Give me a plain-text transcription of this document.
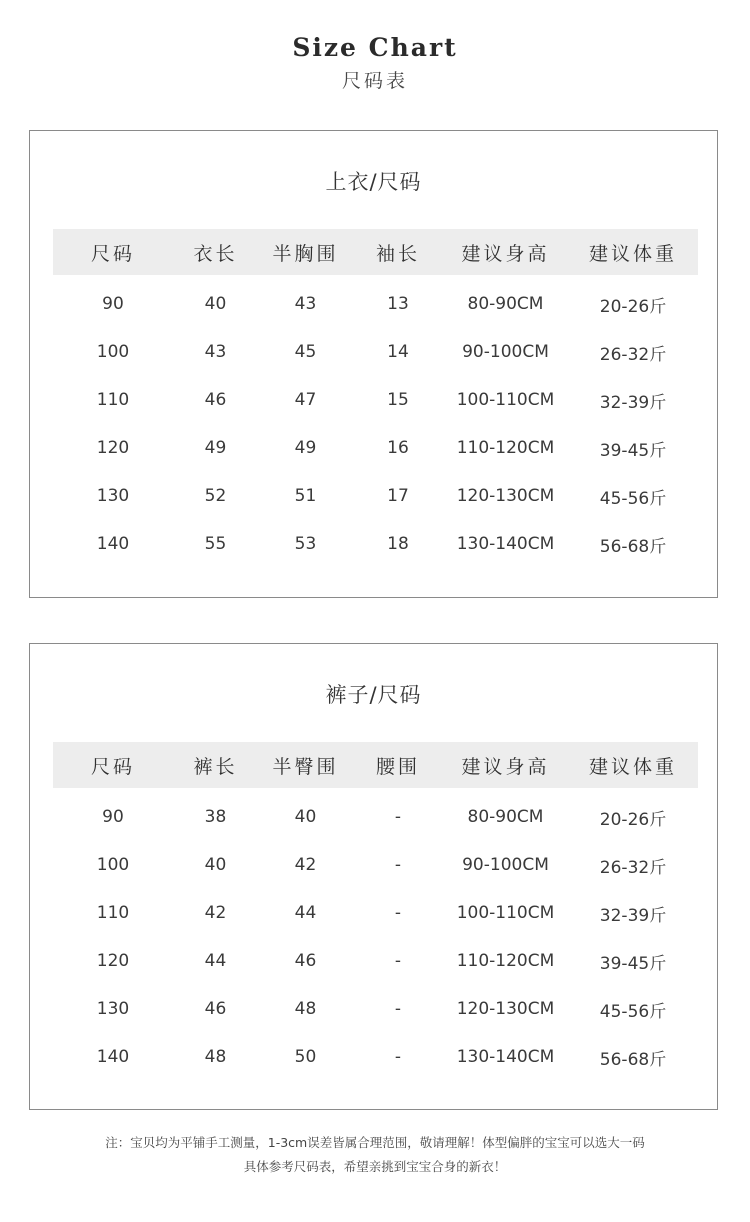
Size Chart
尺码表
上衣/尺码
尺码	衣长	半胸围	袖长	建议身高	建议体重
90	40	43	13	80-90CM	20-26斤
100	43	45	14	90-100CM	26-32斤
110	46	47	15	100-110CM	32-39斤
120	49	49	16	110-120CM	39-45斤
130	52	51	17	120-130CM	45-56斤
140	55	53	18	130-140CM	56-68斤
裤子/尺码
尺码	裤长	半臀围	腰围	建议身高	建议体重
90	38	40	-	80-90CM	20-26斤
100	40	42	-	90-100CM	26-32斤
110	42	44	-	100-110CM	32-39斤
120	44	46	-	110-120CM	39-45斤
130	46	48	-	120-130CM	45-56斤
140	48	50	-	130-140CM	56-68斤
注：宝贝均为平铺手工测量，1-3cm误差皆属合理范围，敬请理解！体型偏胖的宝宝可以选大一码
具体参考尺码表，希望亲挑到宝宝合身的新衣！
